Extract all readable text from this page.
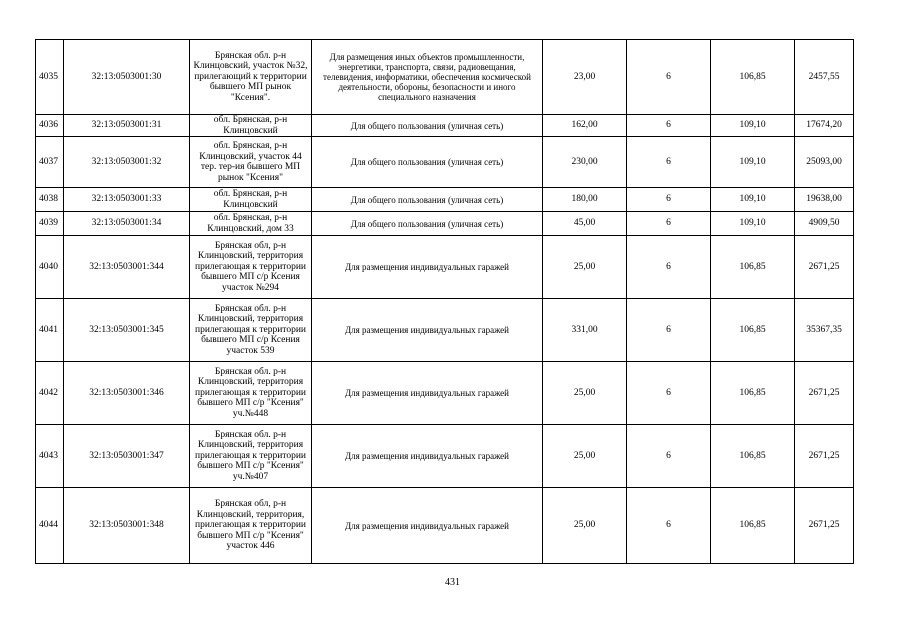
4035	32:13:0503001:30	Брянская обл. р-н Клинцовский, участок №32, прилегающий к территории бывшего МП рынок "Ксения".	Для размещения иных объектов промышленности, энергетики, транспорта, связи, радиовещания, телевидения, информатики, обеспечения космической деятельности, обороны, безопасности и иного специального назначения	23,00	6	106,85	2457,55
4036	32:13:0503001:31	обл. Брянская, р-н Клинцовский	Для общего пользования (уличная сеть)	162,00	6	109,10	17674,20
4037	32:13:0503001:32	обл. Брянская, р-н Клинцовский, участок 44 тер. тер-ия бывшего МП рынок "Ксения"	Для общего пользования (уличная сеть)	230,00	6	109,10	25093,00
4038	32:13:0503001:33	обл. Брянская, р-н Клинцовский	Для общего пользования (уличная сеть)	180,00	6	109,10	19638,00
4039	32:13:0503001:34	обл. Брянская, р-н Клинцовский, дом 33	Для общего пользования (уличная сеть)	45,00	6	109,10	4909,50
4040	32:13:0503001:344	Брянская обл, р-н Клинцовский, территория прилегающая к территории бывшего МП с/р Ксения участок №294	Для размещения индивидуальных гаражей	25,00	6	106,85	2671,25
4041	32:13:0503001:345	Брянская обл. р-н Клинцовский, территория прилегающая к территории бывшего МП с/р Ксения участок 539	Для размещения индивидуальных гаражей	331,00	6	106,85	35367,35
4042	32:13:0503001:346	Брянская обл. р-н Клинцовский, территория прилегающая к территории бывшего МП с/р "Ксения" уч.№448	Для размещения индивидуальных гаражей	25,00	6	106,85	2671,25
4043	32:13:0503001:347	Брянская обл. р-н Клинцовский, территория прилегающая к территории бывшего МП с/р "Ксения" уч.№407	Для размещения индивидуальных гаражей	25,00	6	106,85	2671,25
4044	32:13:0503001:348	Брянская обл, р-н Клинцовский, территория, прилегающая к территории бывшего МП с/р "Ксения" участок 446	Для размещения индивидуальных гаражей	25,00	6	106,85	2671,25
431
